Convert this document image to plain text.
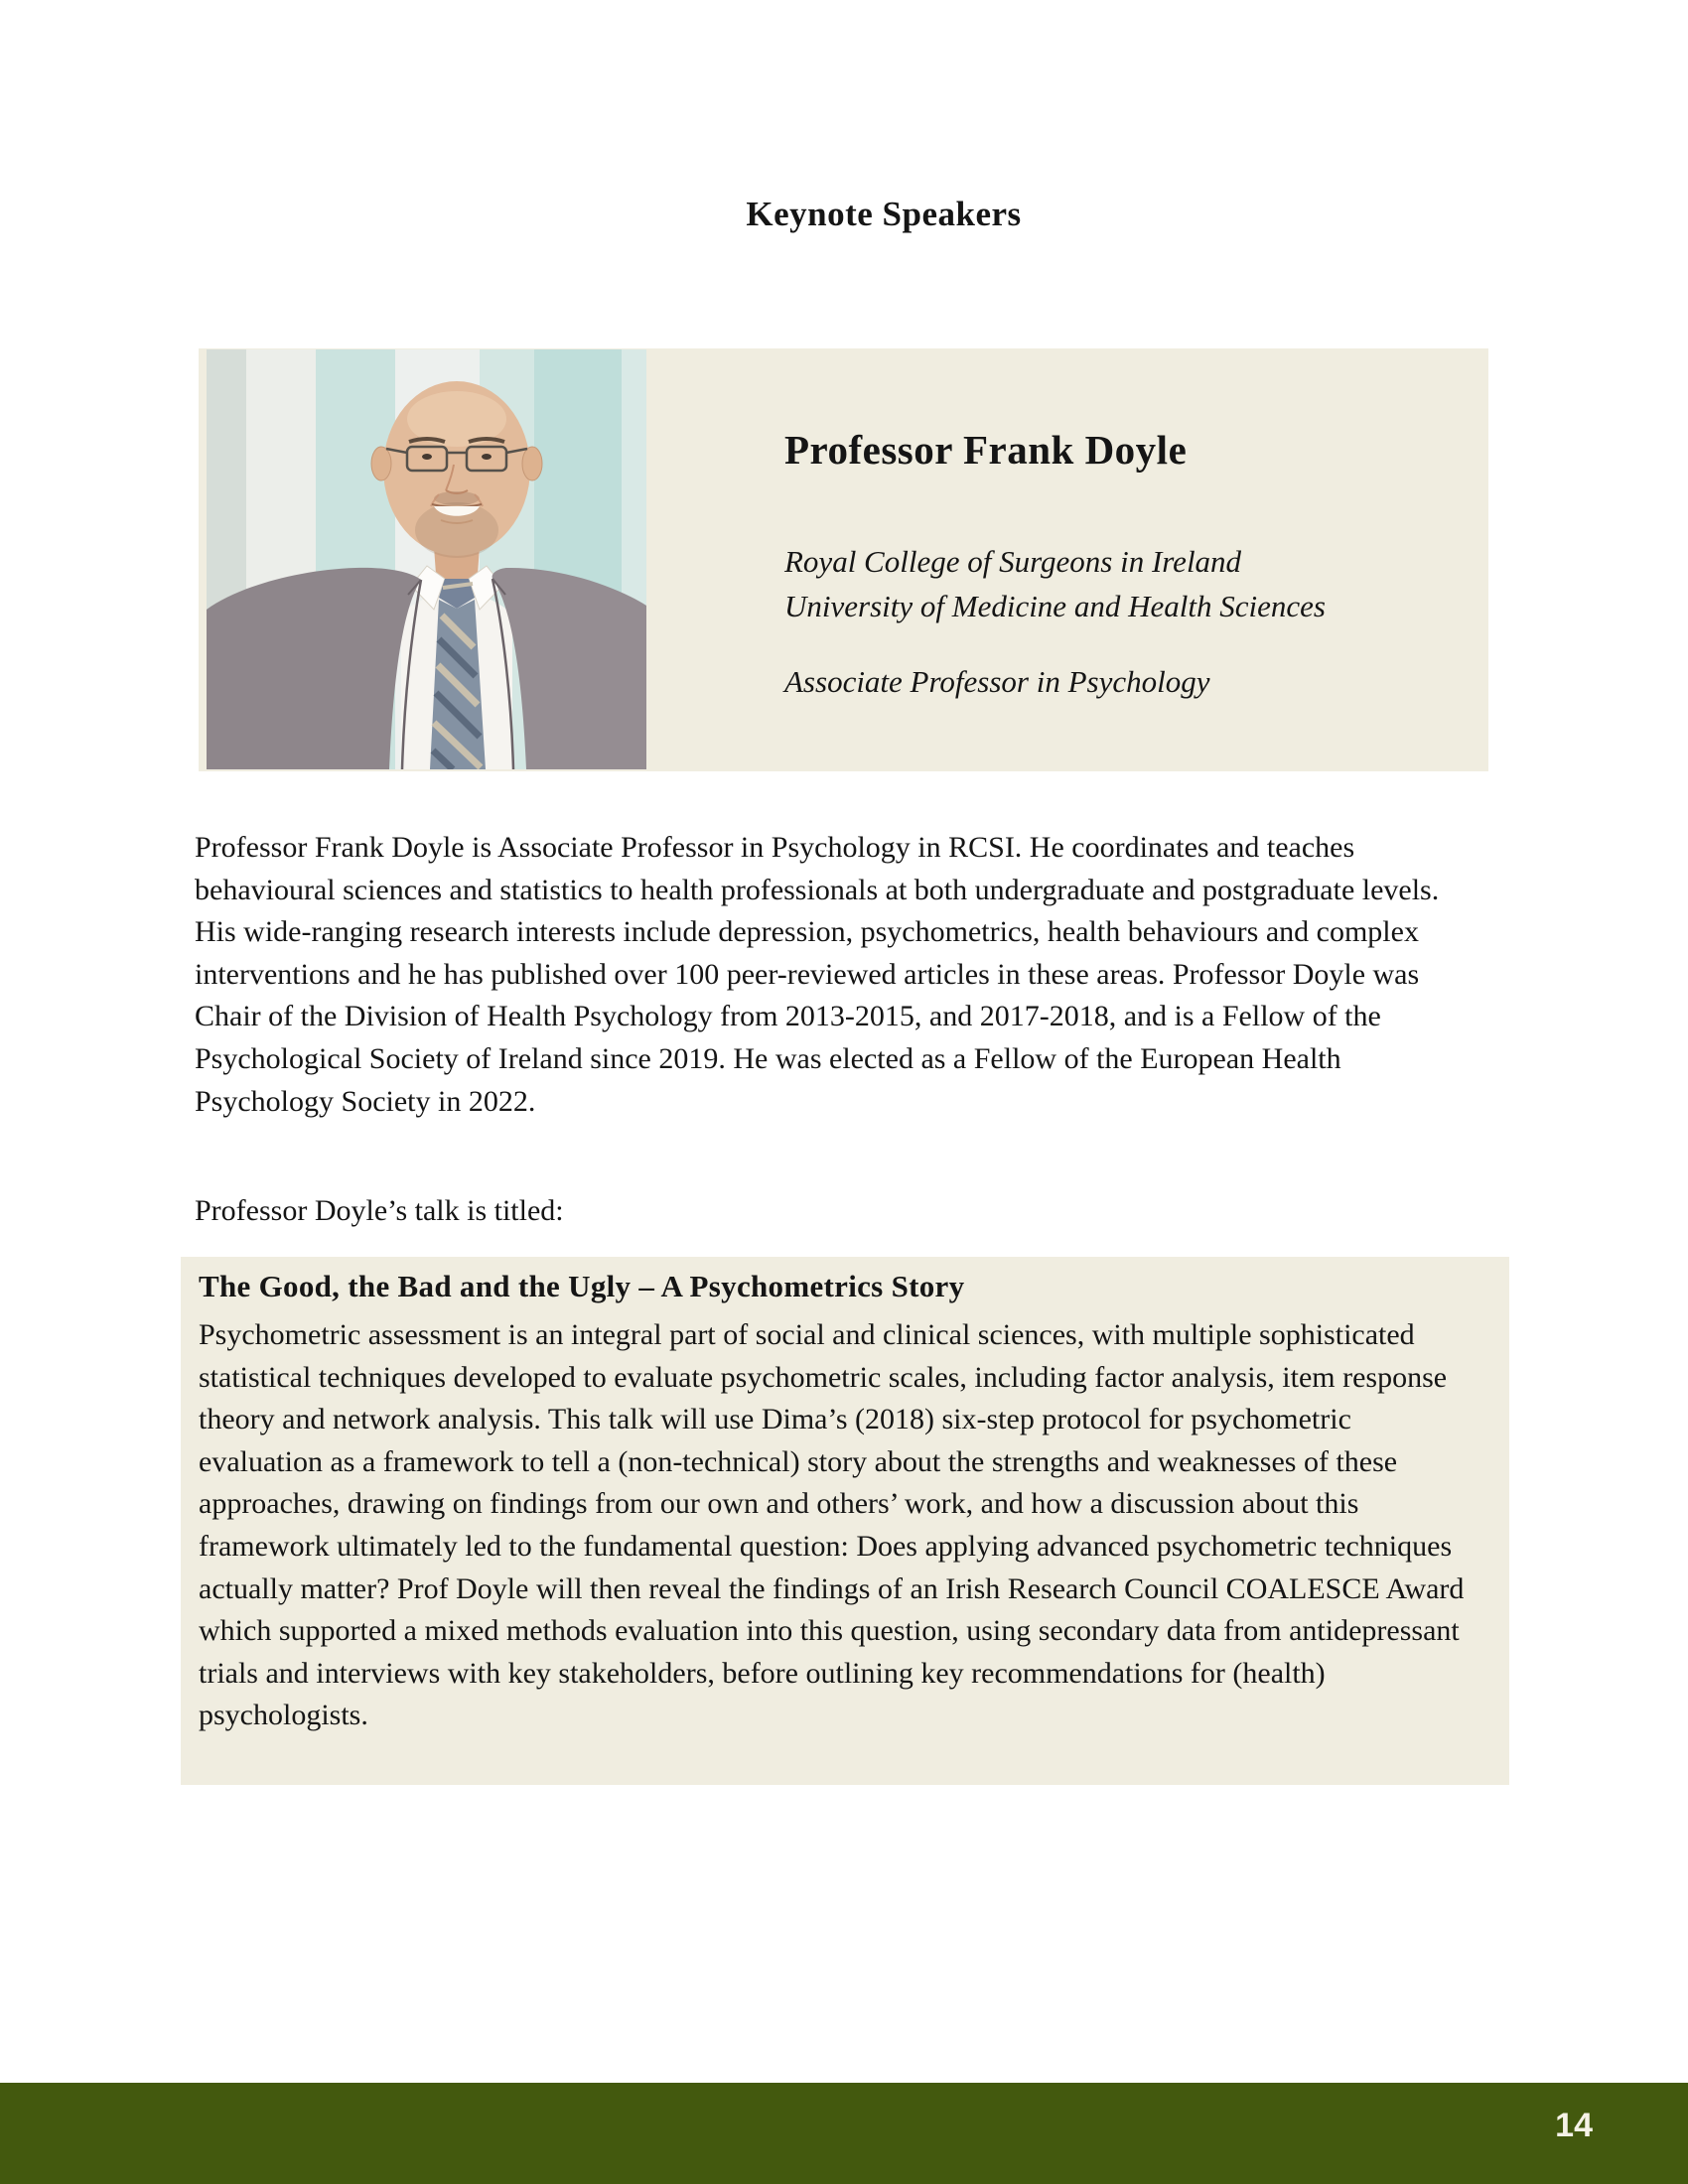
Keynote Speakers
Professor Frank Doyle
Royal College of Surgeons in Ireland
University of Medicine and Health Sciences
Associate Professor in Psychology
Professor Frank Doyle is Associate Professor in Psychology in RCSI. He coordinates and teaches behavioural sciences and statistics to health professionals at both undergraduate and postgraduate levels. His wide-ranging research interests include depression, psychometrics, health behaviours and complex interventions and he has published over 100 peer-reviewed articles in these areas. Professor Doyle was Chair of the Division of Health Psychology from 2013-2015, and 2017-2018, and is a Fellow of the Psychological Society of Ireland since 2019. He was elected as a Fellow of the European Health Psychology Society in 2022.
Professor Doyle’s talk is titled:
The Good, the Bad and the Ugly – A Psychometrics Story
Psychometric assessment is an integral part of social and clinical sciences, with multiple sophisticated statistical techniques developed to evaluate psychometric scales, including factor analysis, item response theory and network analysis. This talk will use Dima’s (2018) six-step protocol for psychometric evaluation as a framework to tell a (non-technical) story about the strengths and weaknesses of these approaches, drawing on findings from our own and others’ work, and how a discussion about this framework ultimately led to the fundamental question: Does applying advanced psychometric techniques actually matter? Prof Doyle will then reveal the findings of an Irish Research Council COALESCE Award which supported a mixed methods evaluation into this question, using secondary data from antidepressant trials and interviews with key stakeholders, before outlining key recommendations for (health) psychologists.
14
